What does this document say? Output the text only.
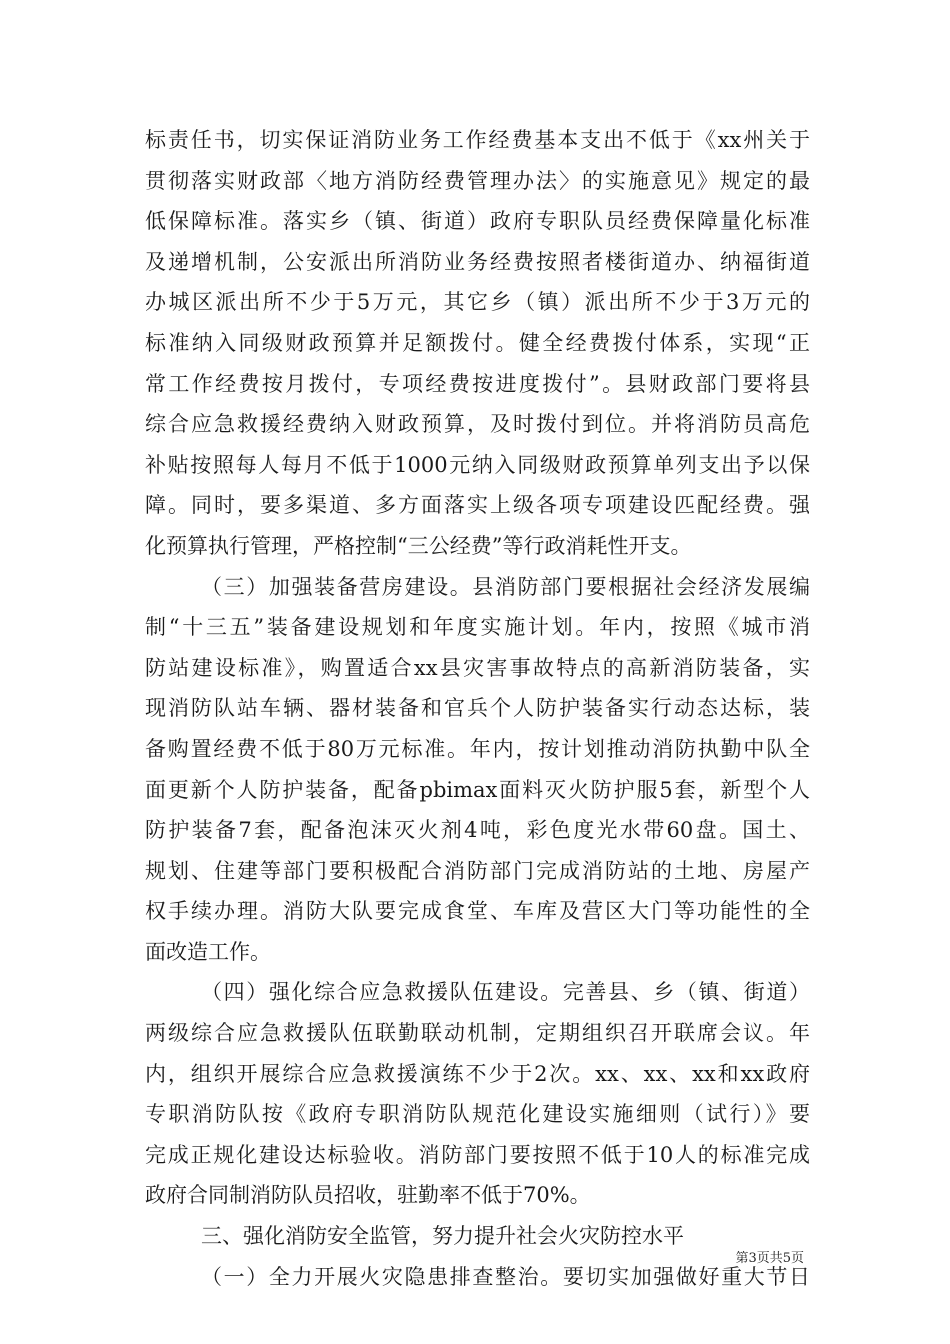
标责任书，切实保证消防业务工作经费基本支出不低于《xx州关于
贯彻落实财政部〈地方消防经费管理办法〉的实施意见》规定的最
低保障标准。落实乡（镇、街道）政府专职队员经费保障量化标准
及递增机制，公安派出所消防业务经费按照者楼街道办、纳福街道
办城区派出所不少于5万元，其它乡（镇）派出所不少于3万元的
标准纳入同级财政预算并足额拨付。健全经费拨付体系，实现“正
常工作经费按月拨付，专项经费按进度拨付”。县财政部门要将县
综合应急救援经费纳入财政预算，及时拨付到位。并将消防员高危
补贴按照每人每月不低于1000元纳入同级财政预算单列支出予以保
障。同时，要多渠道、多方面落实上级各项专项建设匹配经费。强
化预算执行管理，严格控制“三公经费”等行政消耗性开支。
（三）加强装备营房建设。县消防部门要根据社会经济发展编
制“十三五”装备建设规划和年度实施计划。年内，按照《城市消
防站建设标准》，购置适合xx县灾害事故特点的高新消防装备，实
现消防队站车辆、器材装备和官兵个人防护装备实行动态达标，装
备购置经费不低于80万元标准。年内，按计划推动消防执勤中队全
面更新个人防护装备，配备pbimax面料灭火防护服5套，新型个人
防护装备7套，配备泡沫灭火剂4吨，彩色度光水带60盘。国土、
规划、住建等部门要积极配合消防部门完成消防站的土地、房屋产
权手续办理。消防大队要完成食堂、车库及营区大门等功能性的全
面改造工作。
（四）强化综合应急救援队伍建设。完善县、乡（镇、街道）
两级综合应急救援队伍联勤联动机制，定期组织召开联席会议。年
内，组织开展综合应急救援演练不少于2次。xx、xx、xx和xx政府
专职消防队按《政府专职消防队规范化建设实施细则（试行）》要
完成正规化建设达标验收。消防部门要按照不低于10人的标准完成
政府合同制消防队员招收，驻勤率不低于70%。
三、强化消防安全监管，努力提升社会火灾防控水平
（一）全力开展火灾隐患排查整治。要切实加强做好重大节日
第3页共5页
